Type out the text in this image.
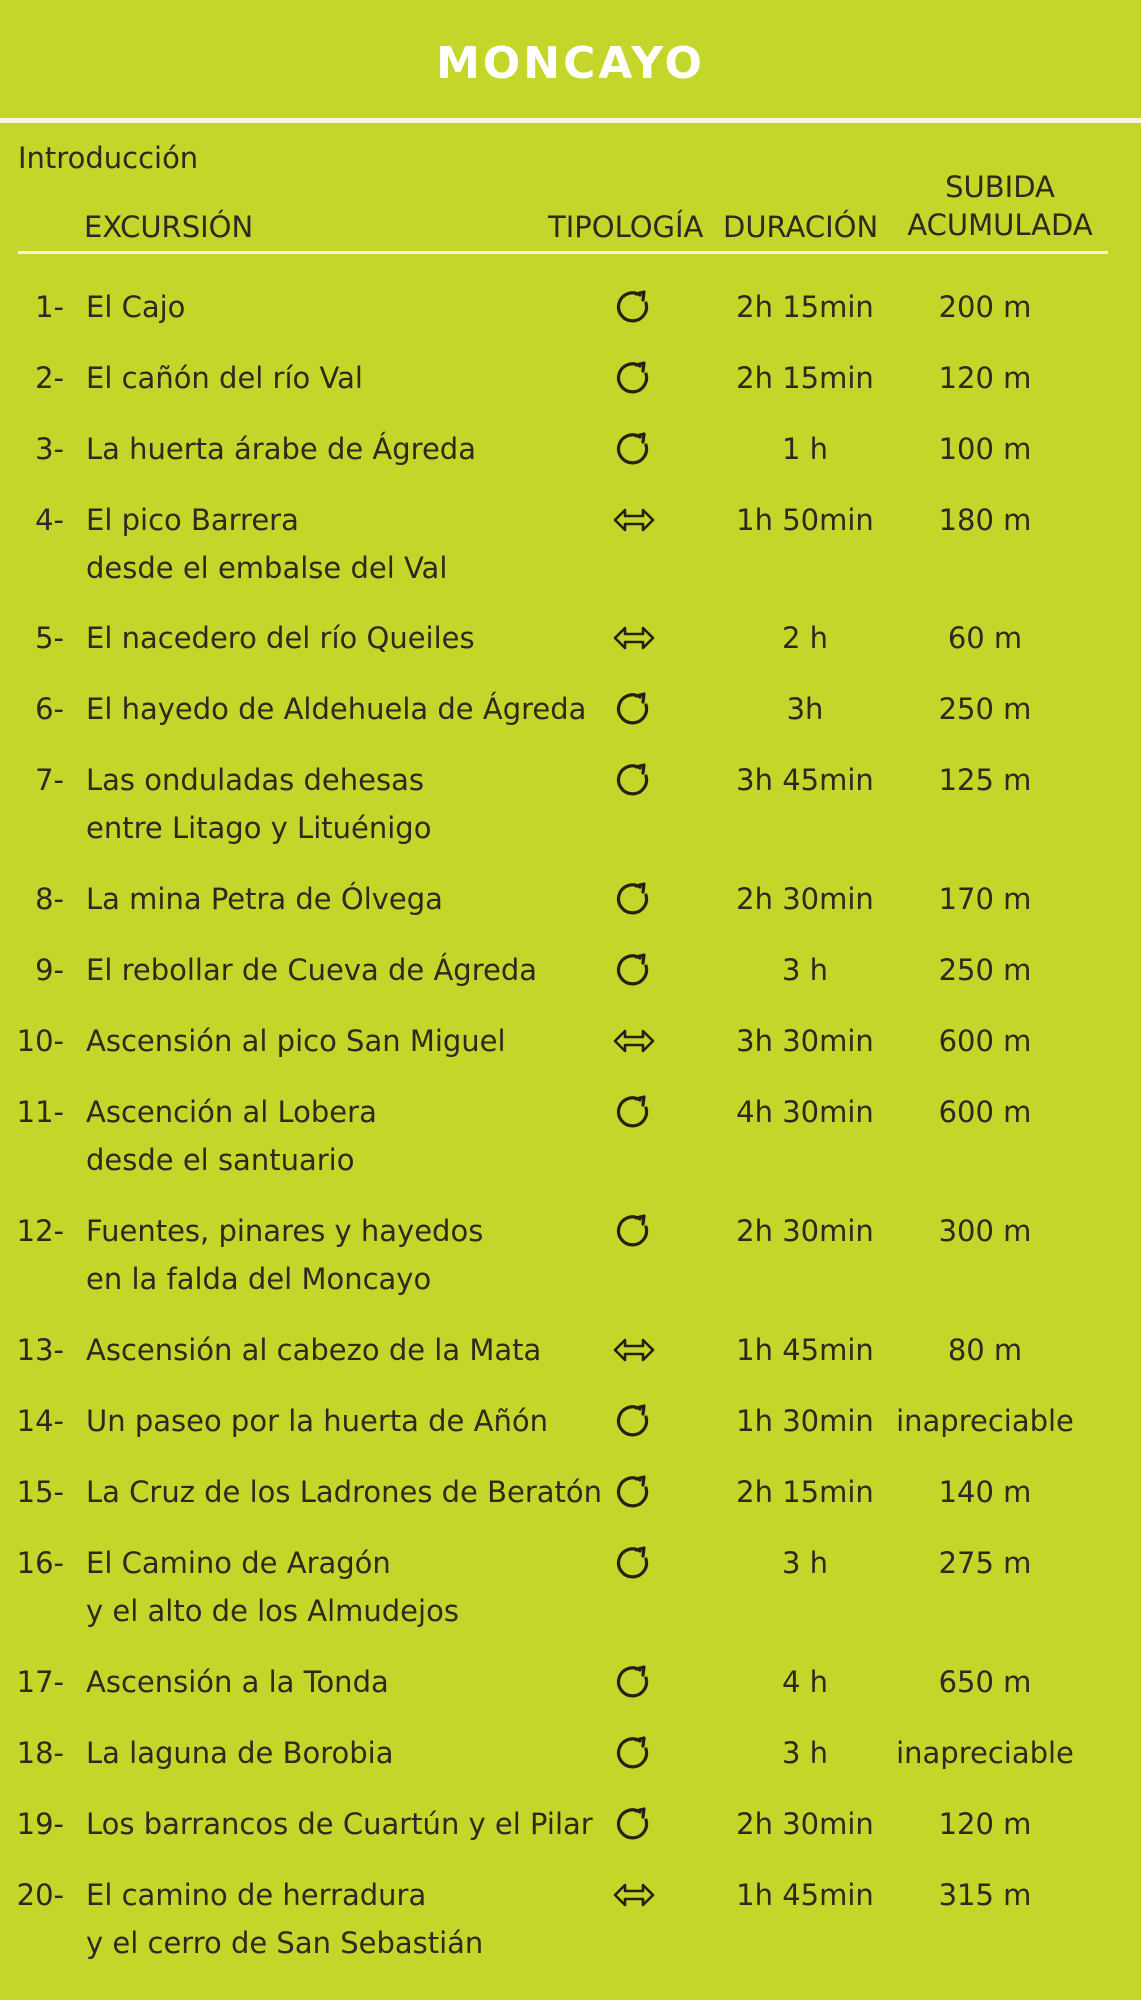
MONCAYO
Introducción
EXCURSIÓN	TIPOLOGÍA DURACIÓN
SUBIDA
ACUMULADA
1- El Cajo	2h 15min	200 m
2- El cañón del río Val	2h 15min	120 m
3- La huerta árabe de Ágreda	1 h	100 m
4- El pico Barrera
desde el embalse del Val
1h 50min	180 m
5- El nacedero del río Queiles	2 h	60 m
6- El hayedo de Aldehuela de Ágreda	3h	250 m
7- Las onduladas dehesas
entre Litago y Lituénigo
3h 45min	125 m
8- La mina Petra de Ólvega	2h 30min	170 m
9- El rebollar de Cueva de Ágreda	3 h	250 m
10- Ascensión al pico San Miguel	3h 30min	600 m
11- Ascención al Lobera
desde el santuario
4h 30min	600 m
12- Fuentes, pinares y hayedos
en la falda del Moncayo
2h 30min	300 m
13- Ascensión al cabezo de la Mata	1h 45min	80 m
14- Un paseo por la huerta de Añón	1h 30min inapreciable
15- La Cruz de los Ladrones de Beratón	2h 15min	140 m
16- El Camino de Aragón
y el alto de los Almudejos
3 h	275 m
17- Ascensión a la Tonda	4 h	650 m
18- La laguna de Borobia	3 h	inapreciable
19- Los barrancos de Cuartún y el Pilar	2h 30min	120 m
20- El camino de herradura
y el cerro de San Sebastián
1h 45min	315 m
